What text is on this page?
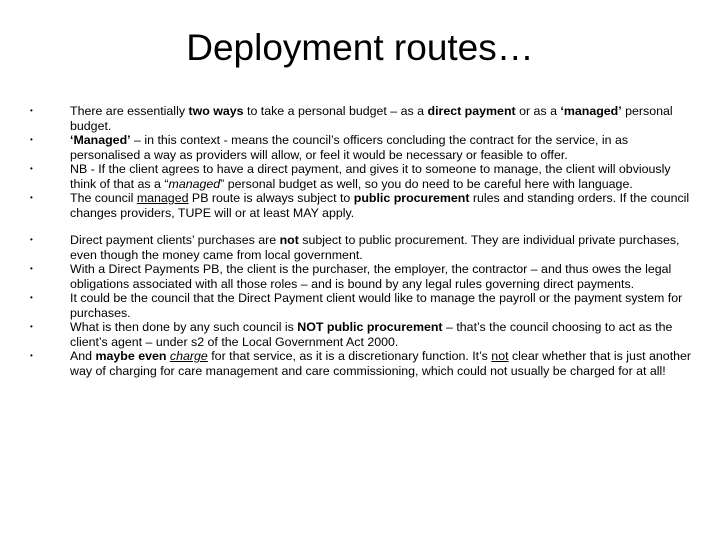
Deployment routes…
•	There are essentially two ways to take a personal budget – as a direct payment or as a ‘managed’ personal budget.
•	‘Managed’ – in this context - means the council’s officers concluding the contract for the service, in as personalised a way as providers will allow, or feel it would be necessary or feasible to offer.
•	NB - If the client agrees to have a direct payment, and gives it to someone to manage, the client will obviously think of that as a “managed” personal budget as well, so you do need to be careful here with language.
•	The council managed PB route is always subject to public procurement rules and standing orders. If the council changes providers, TUPE will or at least MAY apply.
•	Direct payment clients’ purchases are not subject to public procurement. They are individual private purchases, even though the money came from local government.
•	With a Direct Payments PB, the client is the purchaser, the employer, the contractor – and thus owes the legal obligations associated with all those roles – and is bound by any legal rules governing direct payments.
•	It could be the council that the Direct Payment client would like to manage the payroll or the payment system for purchases.
•	What is then done by any such council is NOT public procurement – that’s the council choosing to act as the client’s agent – under s2 of the Local Government Act 2000.
•	And maybe even charge for that service, as it is a discretionary function. It’s not clear whether that is just another way of charging for care management and care commissioning, which could not usually be charged for at all!
